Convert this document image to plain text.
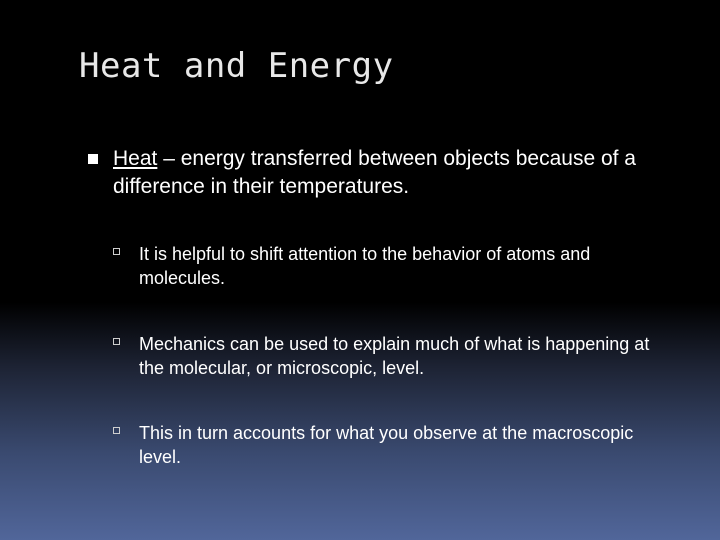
Heat and Energy
Heat – energy transferred between objects because of a difference in their temperatures.
It is helpful to shift attention to the behavior of atoms and molecules.
Mechanics can be used to explain much of what is happening at the molecular, or microscopic, level.
This in turn accounts for what you observe at the macroscopic level.
